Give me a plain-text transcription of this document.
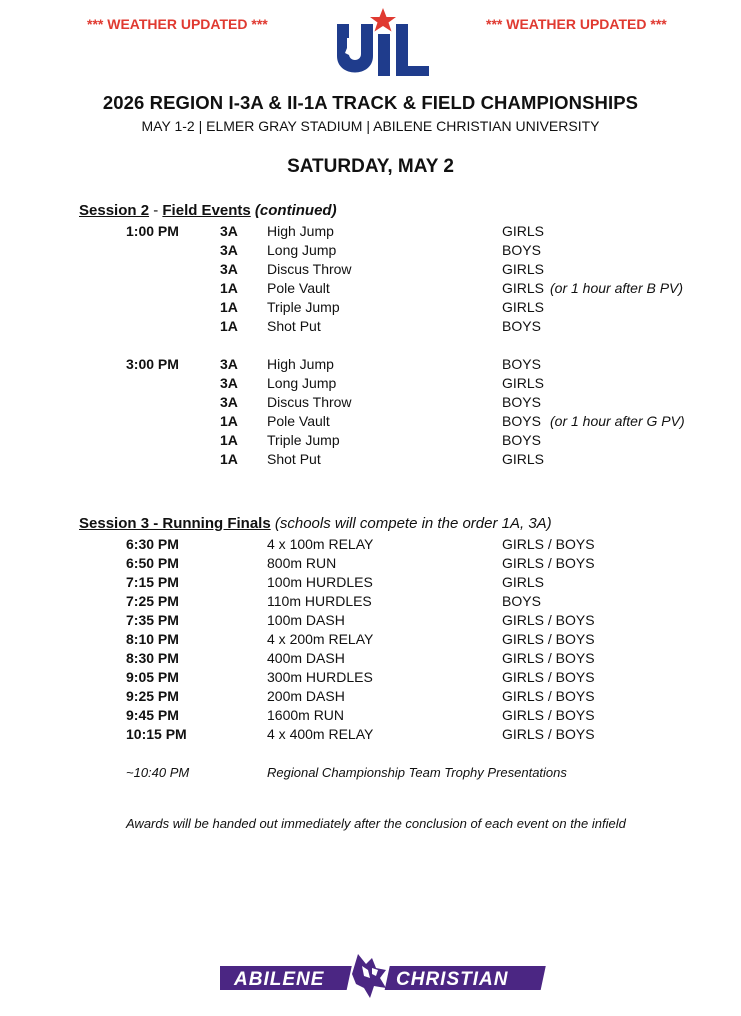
*** WEATHER UPDATED ***	*** WEATHER UPDATED ***
2026 REGION I-3A & II-1A TRACK & FIELD CHAMPIONSHIPS
MAY 1-2 | ELMER GRAY STADIUM | ABILENE CHRISTIAN UNIVERSITY
SATURDAY, MAY 2
Session 2 - Field Events (continued)
1:00 PM	3A High Jump	GIRLS
3A Long Jump	BOYS
3A Discus Throw	GIRLS
1A Pole Vault	GIRLS (or 1 hour after B PV)
1A Triple Jump	GIRLS
1A Shot Put	BOYS
3:00 PM	3A High Jump	BOYS
3A Long Jump	GIRLS
3A Discus Throw	BOYS
1A Pole Vault	BOYS (or 1 hour after G PV)
1A Triple Jump	BOYS
1A Shot Put	GIRLS
Session 3 - Running Finals (schools will compete in the order 1A, 3A)
6:30 PM	4 x 100m RELAY	GIRLS / BOYS
6:50 PM	800m RUN	GIRLS / BOYS
7:15 PM	100m HURDLES	GIRLS
7:25 PM	110m HURDLES	BOYS
7:35 PM	100m DASH	GIRLS / BOYS
8:10 PM	4 x 200m RELAY	GIRLS / BOYS
8:30 PM	400m DASH	GIRLS / BOYS
9:05 PM	300m HURDLES	GIRLS / BOYS
9:25 PM	200m DASH	GIRLS / BOYS
9:45 PM	1600m RUN	GIRLS / BOYS
10:15 PM	4 x 400m RELAY	GIRLS / BOYS
~10:40 PM	Regional Championship Team Trophy Presentations
Awards will be handed out immediately after the conclusion of each event on the infield
ABILENE	CHRISTIAN
